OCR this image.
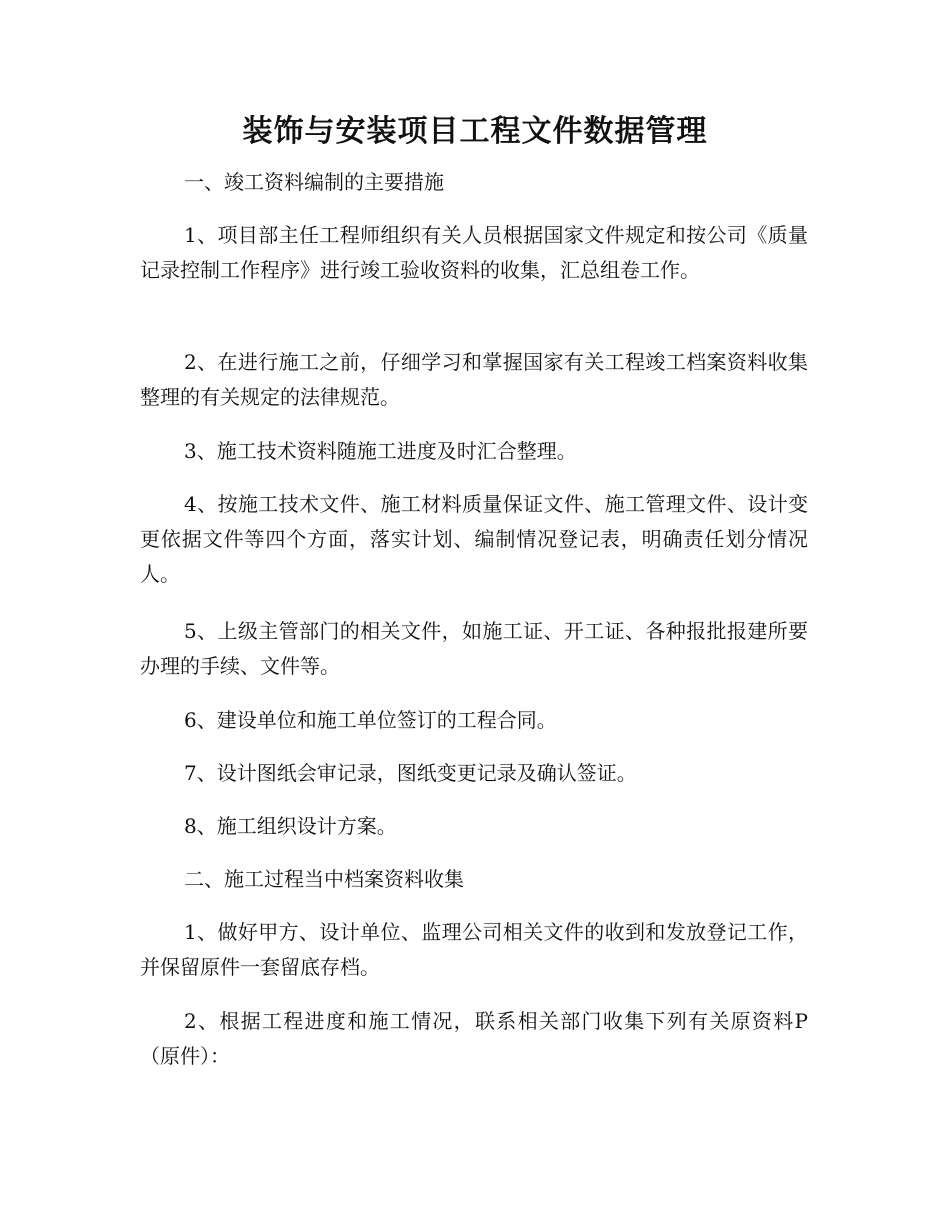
装饰与安装项目工程文件数据管理

一、竣工资料编制的主要措施

1、项目部主任工程师组织有关人员根据国家文件规定和按公司《质量记录控制工作程序》进行竣工验收资料的收集，汇总组卷工作。

2、在进行施工之前，仔细学习和掌握国家有关工程竣工档案资料收集整理的有关规定的法律规范。

3、施工技术资料随施工进度及时汇合整理。

4、按施工技术文件、施工材料质量保证文件、施工管理文件、设计变更依据文件等四个方面，落实计划、编制情况登记表，明确责任划分情况人。

5、上级主管部门的相关文件，如施工证、开工证、各种报批报建所要办理的手续、文件等。

6、建设单位和施工单位签订的工程合同。

7、设计图纸会审记录，图纸变更记录及确认签证。

8、施工组织设计方案。

二、施工过程当中档案资料收集

1、做好甲方、设计单位、监理公司相关文件的收到和发放登记工作，并保留原件一套留底存档。

2、根据工程进度和施工情况，联系相关部门收集下列有关原资料P（原件）：
